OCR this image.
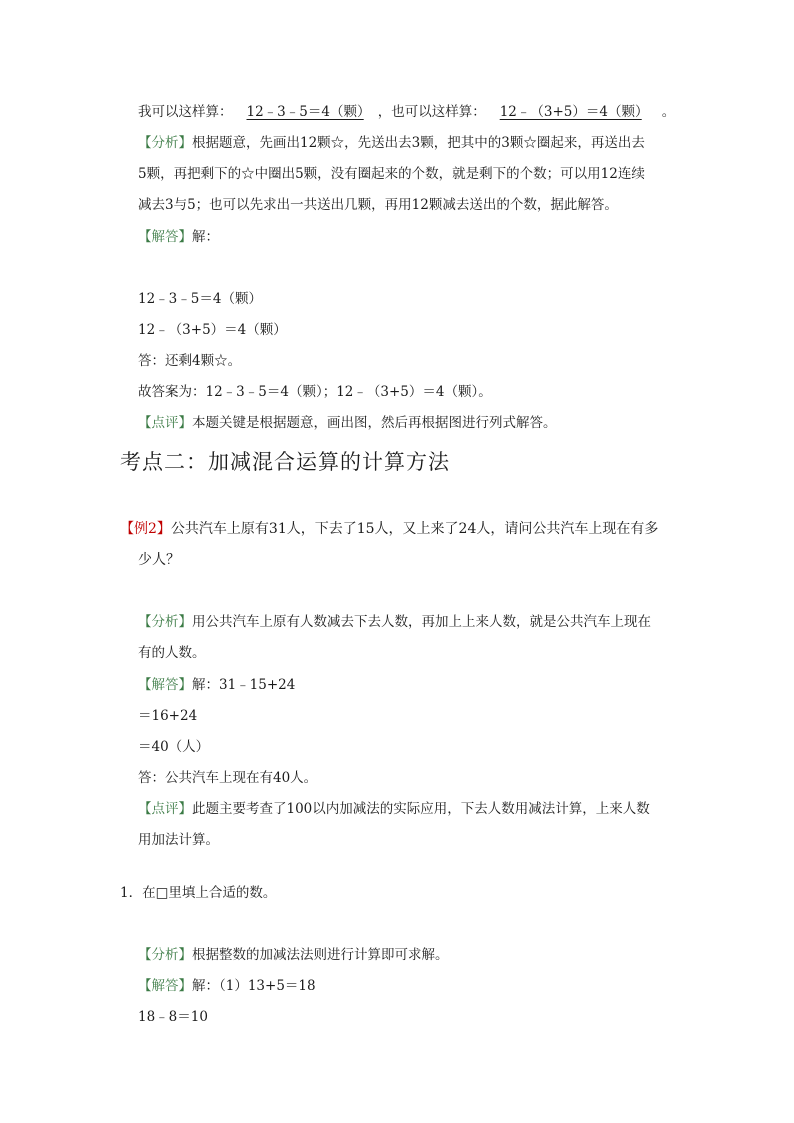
我可以这样算： 12﹣3﹣5＝4（颗） ，也可以这样算： 12﹣（3+5）＝4（颗） 。
【分析】根据题意，先画出12颗☆，先送出去3颗，把其中的3颗☆圈起来，再送出去
5颗，再把剩下的☆中圈出5颗，没有圈起来的个数，就是剩下的个数；可以用12连续
减去3与5；也可以先求出一共送出几颗，再用12颗减去送出的个数，据此解答。
【解答】解：
12﹣3﹣5＝4（颗）
12﹣（3+5）＝4（颗）
答：还剩4颗☆。
故答案为：12﹣3﹣5＝4（颗）；12﹣（3+5）＝4（颗）。
【点评】本题关键是根据题意，画出图，然后再根据图进行列式解答。
考点二：加减混合运算的计算方法
【例2】公共汽车上原有31人，下去了15人，又上来了24人，请问公共汽车上现在有多
少人？
【分析】用公共汽车上原有人数减去下去人数，再加上上来人数，就是公共汽车上现在
有的人数。
【解答】解：31﹣15+24
＝16+24
＝40（人）
答：公共汽车上现在有40人。
【点评】此题主要考查了100以内加减法的实际应用，下去人数用减法计算，上来人数
用加法计算。
1．在□里填上合适的数。
【分析】根据整数的加减法法则进行计算即可求解。
【解答】解：（1）13+5＝18
18﹣8＝10
